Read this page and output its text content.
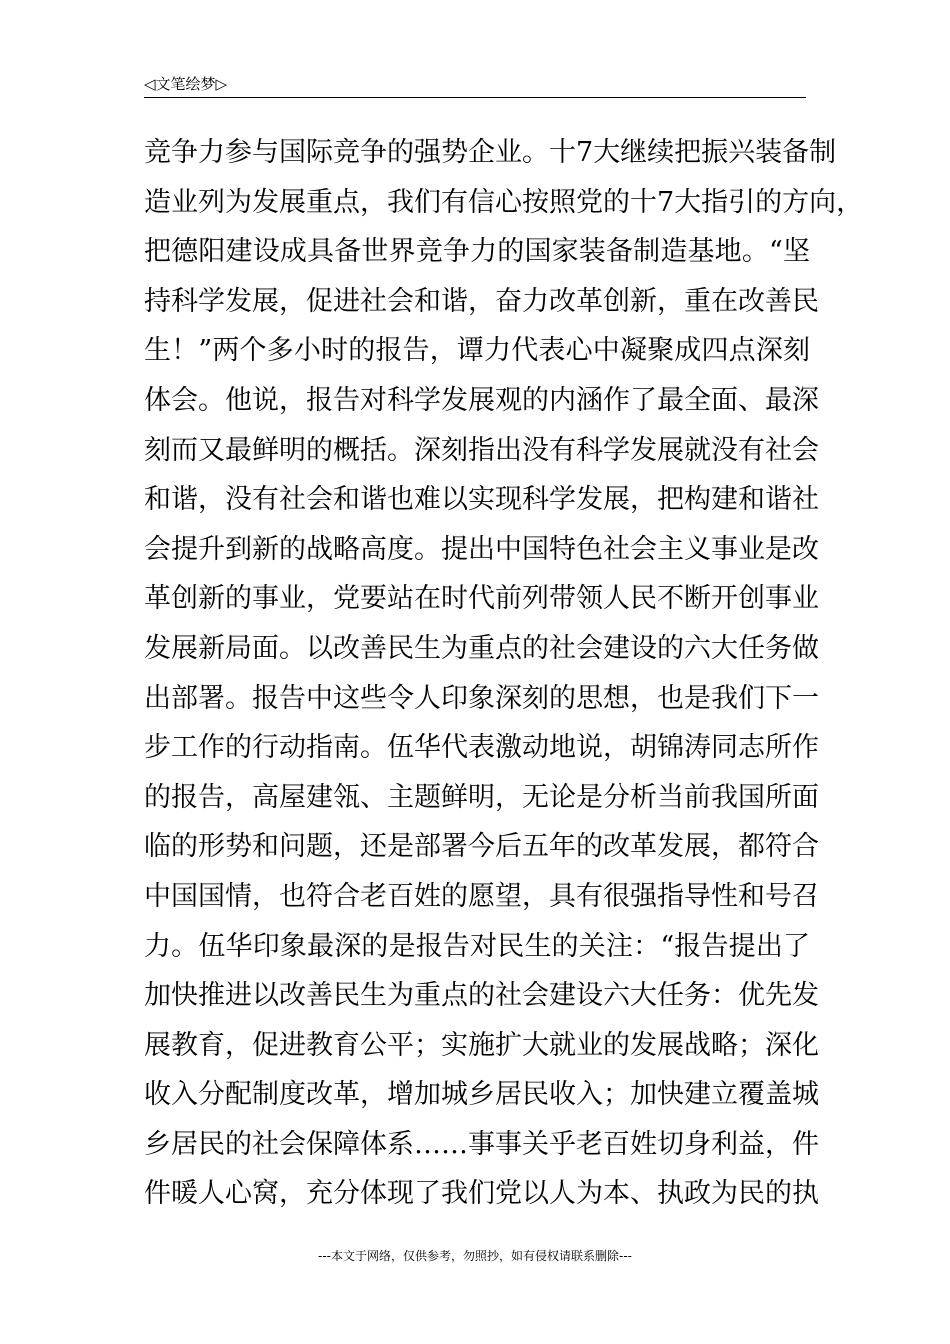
◁文笔绘梦▷
竞争力参与国际竞争的强势企业。十7大继续把振兴装备制
造业列为发展重点，我们有信心按照党的十7大指引的方向，
把德阳建设成具备世界竞争力的国家装备制造基地。“坚
持科学发展，促进社会和谐，奋力改革创新，重在改善民
生！”两个多小时的报告，谭力代表心中凝聚成四点深刻
体会。他说，报告对科学发展观的内涵作了最全面、最深
刻而又最鲜明的概括。深刻指出没有科学发展就没有社会
和谐，没有社会和谐也难以实现科学发展，把构建和谐社
会提升到新的战略高度。提出中国特色社会主义事业是改
革创新的事业，党要站在时代前列带领人民不断开创事业
发展新局面。以改善民生为重点的社会建设的六大任务做
出部署。报告中这些令人印象深刻的思想，也是我们下一
步工作的行动指南。伍华代表激动地说，胡锦涛同志所作
的报告，高屋建瓴、主题鲜明，无论是分析当前我国所面
临的形势和问题，还是部署今后五年的改革发展，都符合
中国国情，也符合老百姓的愿望，具有很强指导性和号召
力。伍华印象最深的是报告对民生的关注：“报告提出了
加快推进以改善民生为重点的社会建设六大任务：优先发
展教育，促进教育公平；实施扩大就业的发展战略；深化
收入分配制度改革，增加城乡居民收入；加快建立覆盖城
乡居民的社会保障体系……事事关乎老百姓切身利益，件
件暖人心窝，充分体现了我们党以人为本、执政为民的执
---本文于网络，仅供参考，勿照抄，如有侵权请联系删除---
